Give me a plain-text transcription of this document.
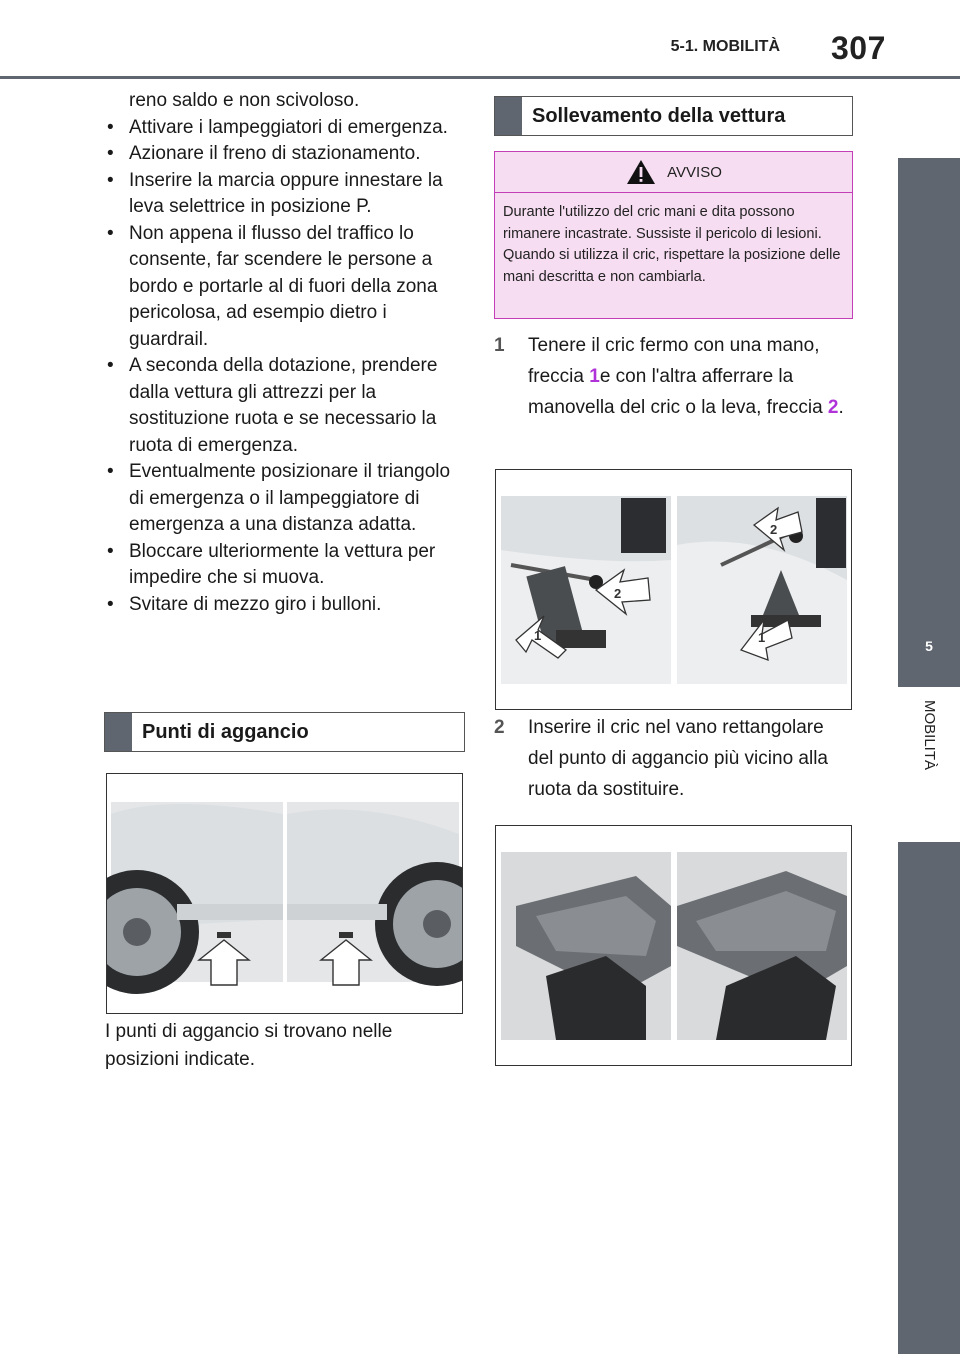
5-1. MOBILITÀ 307
5
MOBILITÀ
reno saldo e non scivoloso.
• Attivare i lampeggiatori di emergenza.
• Azionare il freno di stazionamento.
• Inserire la marcia oppure innestare la leva selettrice in posizione P.
• Non appena il flusso del traffico lo consente, far scendere le persone a bordo e portarle al di fuori della zona pericolosa, ad esempio dietro i guardrail.
• A seconda della dotazione, prendere dalla vettura gli attrezzi per la sostituzione ruota e se necessario la ruota di emergenza.
• Eventualmente posizionare il triangolo di emergenza o il lampeggiatore di emergenza a una distanza adatta.
• Bloccare ulteriormente la vettura per impedire che si muova.
• Svitare di mezzo giro i bulloni.
Punti di aggancio
I punti di aggancio si trovano nelle posizioni indicate.
Sollevamento della vettura
AVVISO
Durante l'utilizzo del cric mani e dita possono rimanere incastrate. Sussiste il pericolo di lesioni. Quando si utilizza il cric, rispettare la posizione delle mani descritta e non cambiarla.
1	Tenere il cric fermo con una mano, freccia 1e con l'altra afferrare la manovella del cric o la leva, freccia 2.
1
2
1
2
2	Inserire il cric nel vano rettangolare del punto di aggancio più vicino alla ruota da sostituire.
